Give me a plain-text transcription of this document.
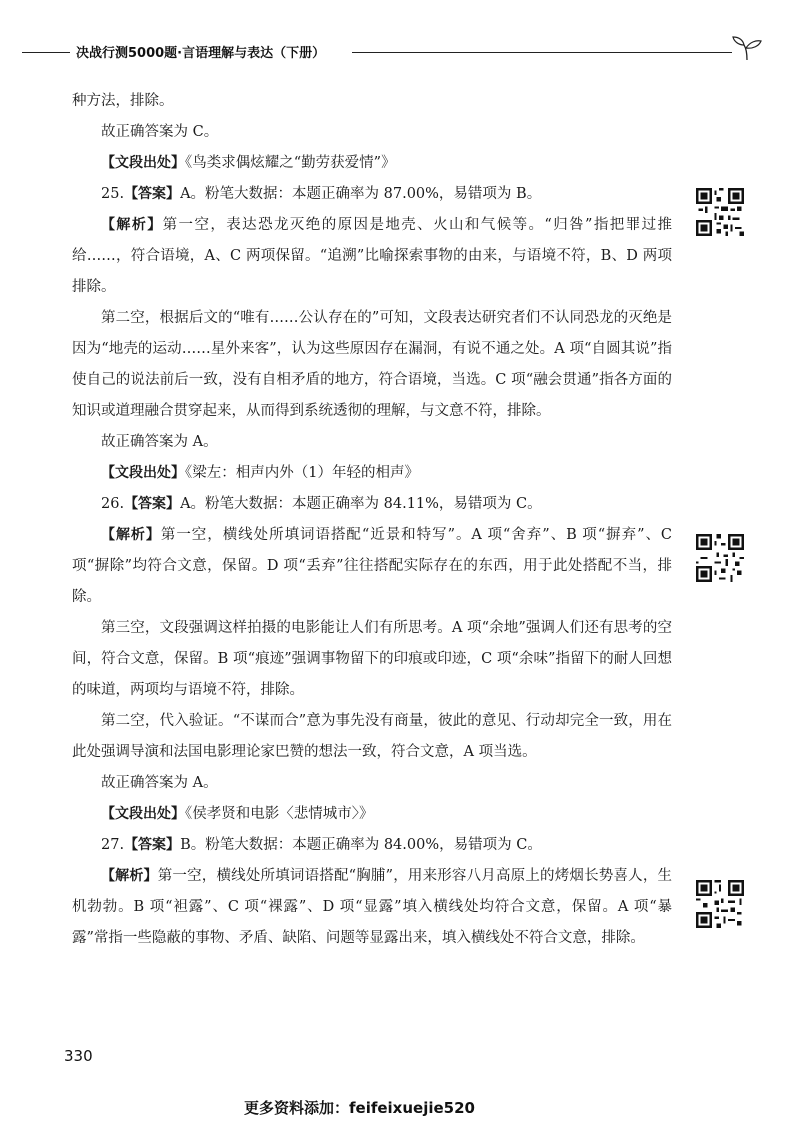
决战行测5000题·言语理解与表达（下册）

种方法，排除。

故正确答案为 C。

【文段出处】《鸟类求偶炫耀之“勤劳获爱情”》

25.【答案】A。粉笔大数据：本题正确率为 87.00%，易错项为 B。

【解析】第一空，表达恐龙灭绝的原因是地壳、火山和气候等。“归咎”指把罪过推给……，符合语境，A、C 两项保留。“追溯”比喻探索事物的由来，与语境不符，B、D 两项排除。

第二空，根据后文的“唯有……公认存在的”可知，文段表达研究者们不认同恐龙的灭绝是因为“地壳的运动……星外来客”，认为这些原因存在漏洞，有说不通之处。A 项“自圆其说”指使自己的说法前后一致，没有自相矛盾的地方，符合语境，当选。C 项“融会贯通”指各方面的知识或道理融合贯穿起来，从而得到系统透彻的理解，与文意不符，排除。

故正确答案为 A。

【文段出处】《梁左：相声内外（1）年轻的相声》

26.【答案】A。粉笔大数据：本题正确率为 84.11%，易错项为 C。

【解析】第一空，横线处所填词语搭配“近景和特写”。A 项“舍弃”、B 项“摒弃”、C 项“摒除”均符合文意，保留。D 项“丢弃”往往搭配实际存在的东西，用于此处搭配不当，排除。

第三空，文段强调这样拍摄的电影能让人们有所思考。A 项“余地”强调人们还有思考的空间，符合文意，保留。B 项“痕迹”强调事物留下的印痕或印迹，C 项“余味”指留下的耐人回想的味道，两项均与语境不符，排除。

第二空，代入验证。“不谋而合”意为事先没有商量，彼此的意见、行动却完全一致，用在此处强调导演和法国电影理论家巴赞的想法一致，符合文意，A 项当选。

故正确答案为 A。

【文段出处】《侯孝贤和电影〈悲情城市〉》

27.【答案】B。粉笔大数据：本题正确率为 84.00%，易错项为 C。

【解析】第一空，横线处所填词语搭配“胸脯”，用来形容八月高原上的烤烟长势喜人，生机勃勃。B 项“袒露”、C 项“裸露”、D 项“显露”填入横线处均符合文意，保留。A 项“暴露”常指一些隐蔽的事物、矛盾、缺陷、问题等显露出来，填入横线处不符合文意，排除。

330
更多资料添加：feifeixuejie520
